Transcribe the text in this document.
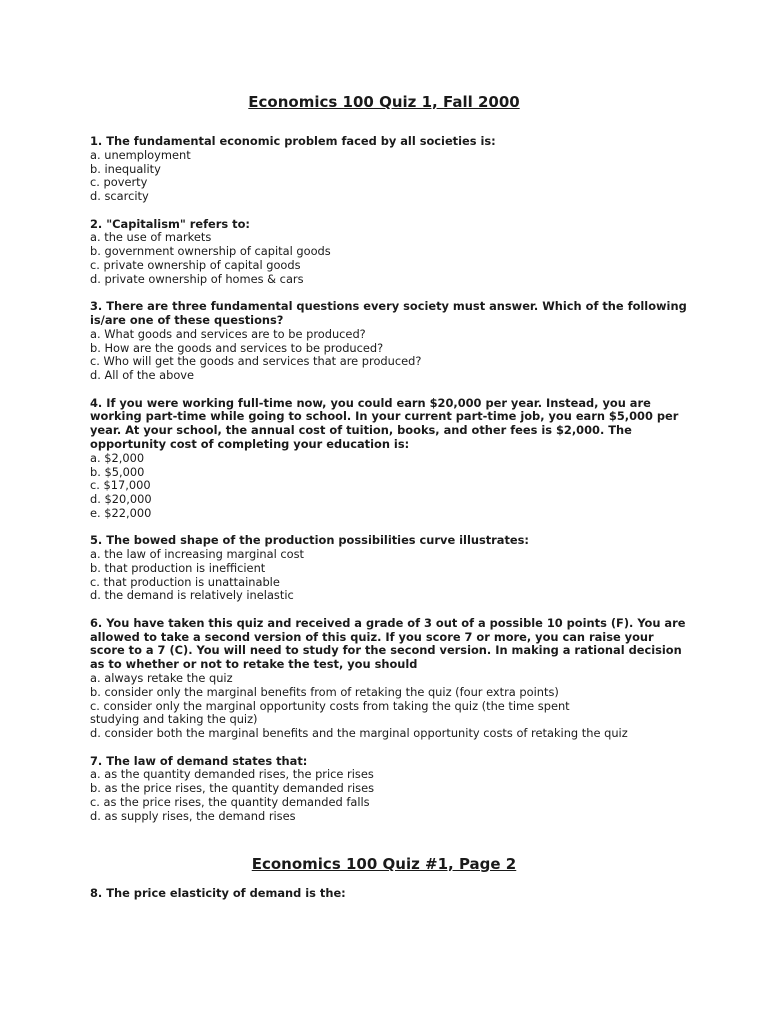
Economics 100 Quiz 1, Fall 2000

1. The fundamental economic problem faced by all societies is:

a. unemployment
b. inequality
c. poverty
d. scarcity

2. "Capitalism" refers to:

a. the use of markets
b. government ownership of capital goods
c. private ownership of capital goods
d. private ownership of homes & cars

3. There are three fundamental questions every society must answer. Which of the following is/are one of these questions?

a. What goods and services are to be produced?
b. How are the goods and services to be produced?
c. Who will get the goods and services that are produced?
d. All of the above

4. If you were working full-time now, you could earn $20,000 per year. Instead, you are working part-time while going to school. In your current part-time job, you earn $5,000 per year. At your school, the annual cost of tuition, books, and other fees is $2,000. The opportunity cost of completing your education is:

a. $2,000
b. $5,000
c. $17,000
d. $20,000
e. $22,000

5. The bowed shape of the production possibilities curve illustrates:

a. the law of increasing marginal cost
b. that production is inefficient
c. that production is unattainable
d. the demand is relatively inelastic

6. You have taken this quiz and received a grade of 3 out of a possible 10 points (F). You are allowed to take a second version of this quiz. If you score 7 or more, you can raise your score to a 7 (C). You will need to study for the second version. In making a rational decision as to whether or not to retake the test, you should

a. always retake the quiz
b. consider only the marginal benefits from of retaking the quiz (four extra points)
c. consider only the marginal opportunity costs from taking the quiz (the time spent
studying and taking the quiz)
d. consider both the marginal benefits and the marginal opportunity costs of retaking the quiz

7. The law of demand states that:

a. as the quantity demanded rises, the price rises
b. as the price rises, the quantity demanded rises
c. as the price rises, the quantity demanded falls
d. as supply rises, the demand rises
Economics 100 Quiz #1, Page 2

8. The price elasticity of demand is the:
